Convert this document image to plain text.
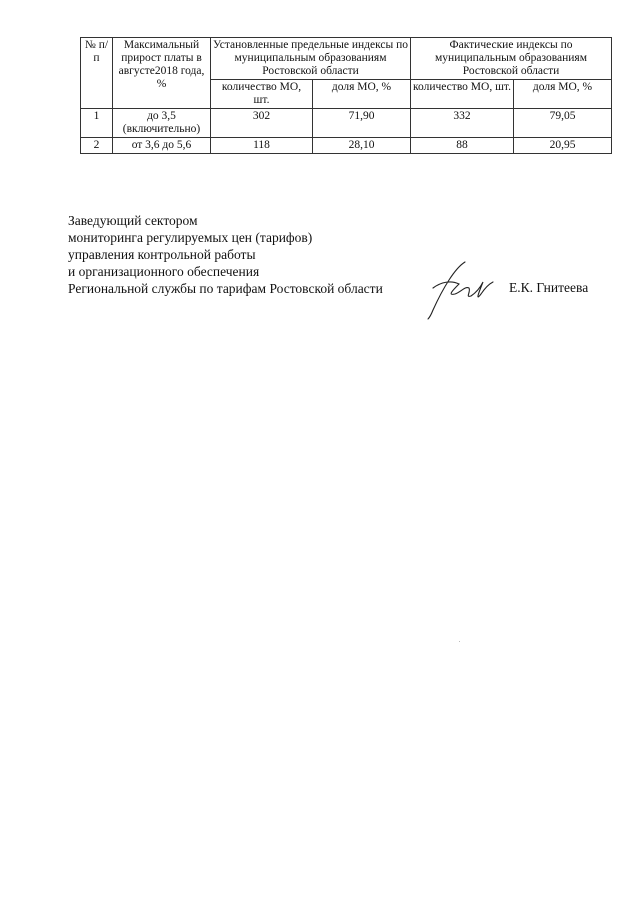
№ п/п	Максимальный прирост платы в августе2018 года, %	Установленные предельные индексы по муниципальным образованиям Ростовской области		Фактические индексы по муниципальным образованиям Ростовской области	
		количество МО, шт.	доля МО, %	количество МО, шт.	доля МО, %
1	до 3,5 (включительно)	302	71,90	332	79,05
2	от 3,6 до 5,6	118	28,10	88	20,95
Заведующий сектором
мониторинга регулируемых цен (тарифов)
управления контрольной работы
и организационного обеспечения
Региональной службы по тарифам Ростовской области	Е.К. Гнитеева
